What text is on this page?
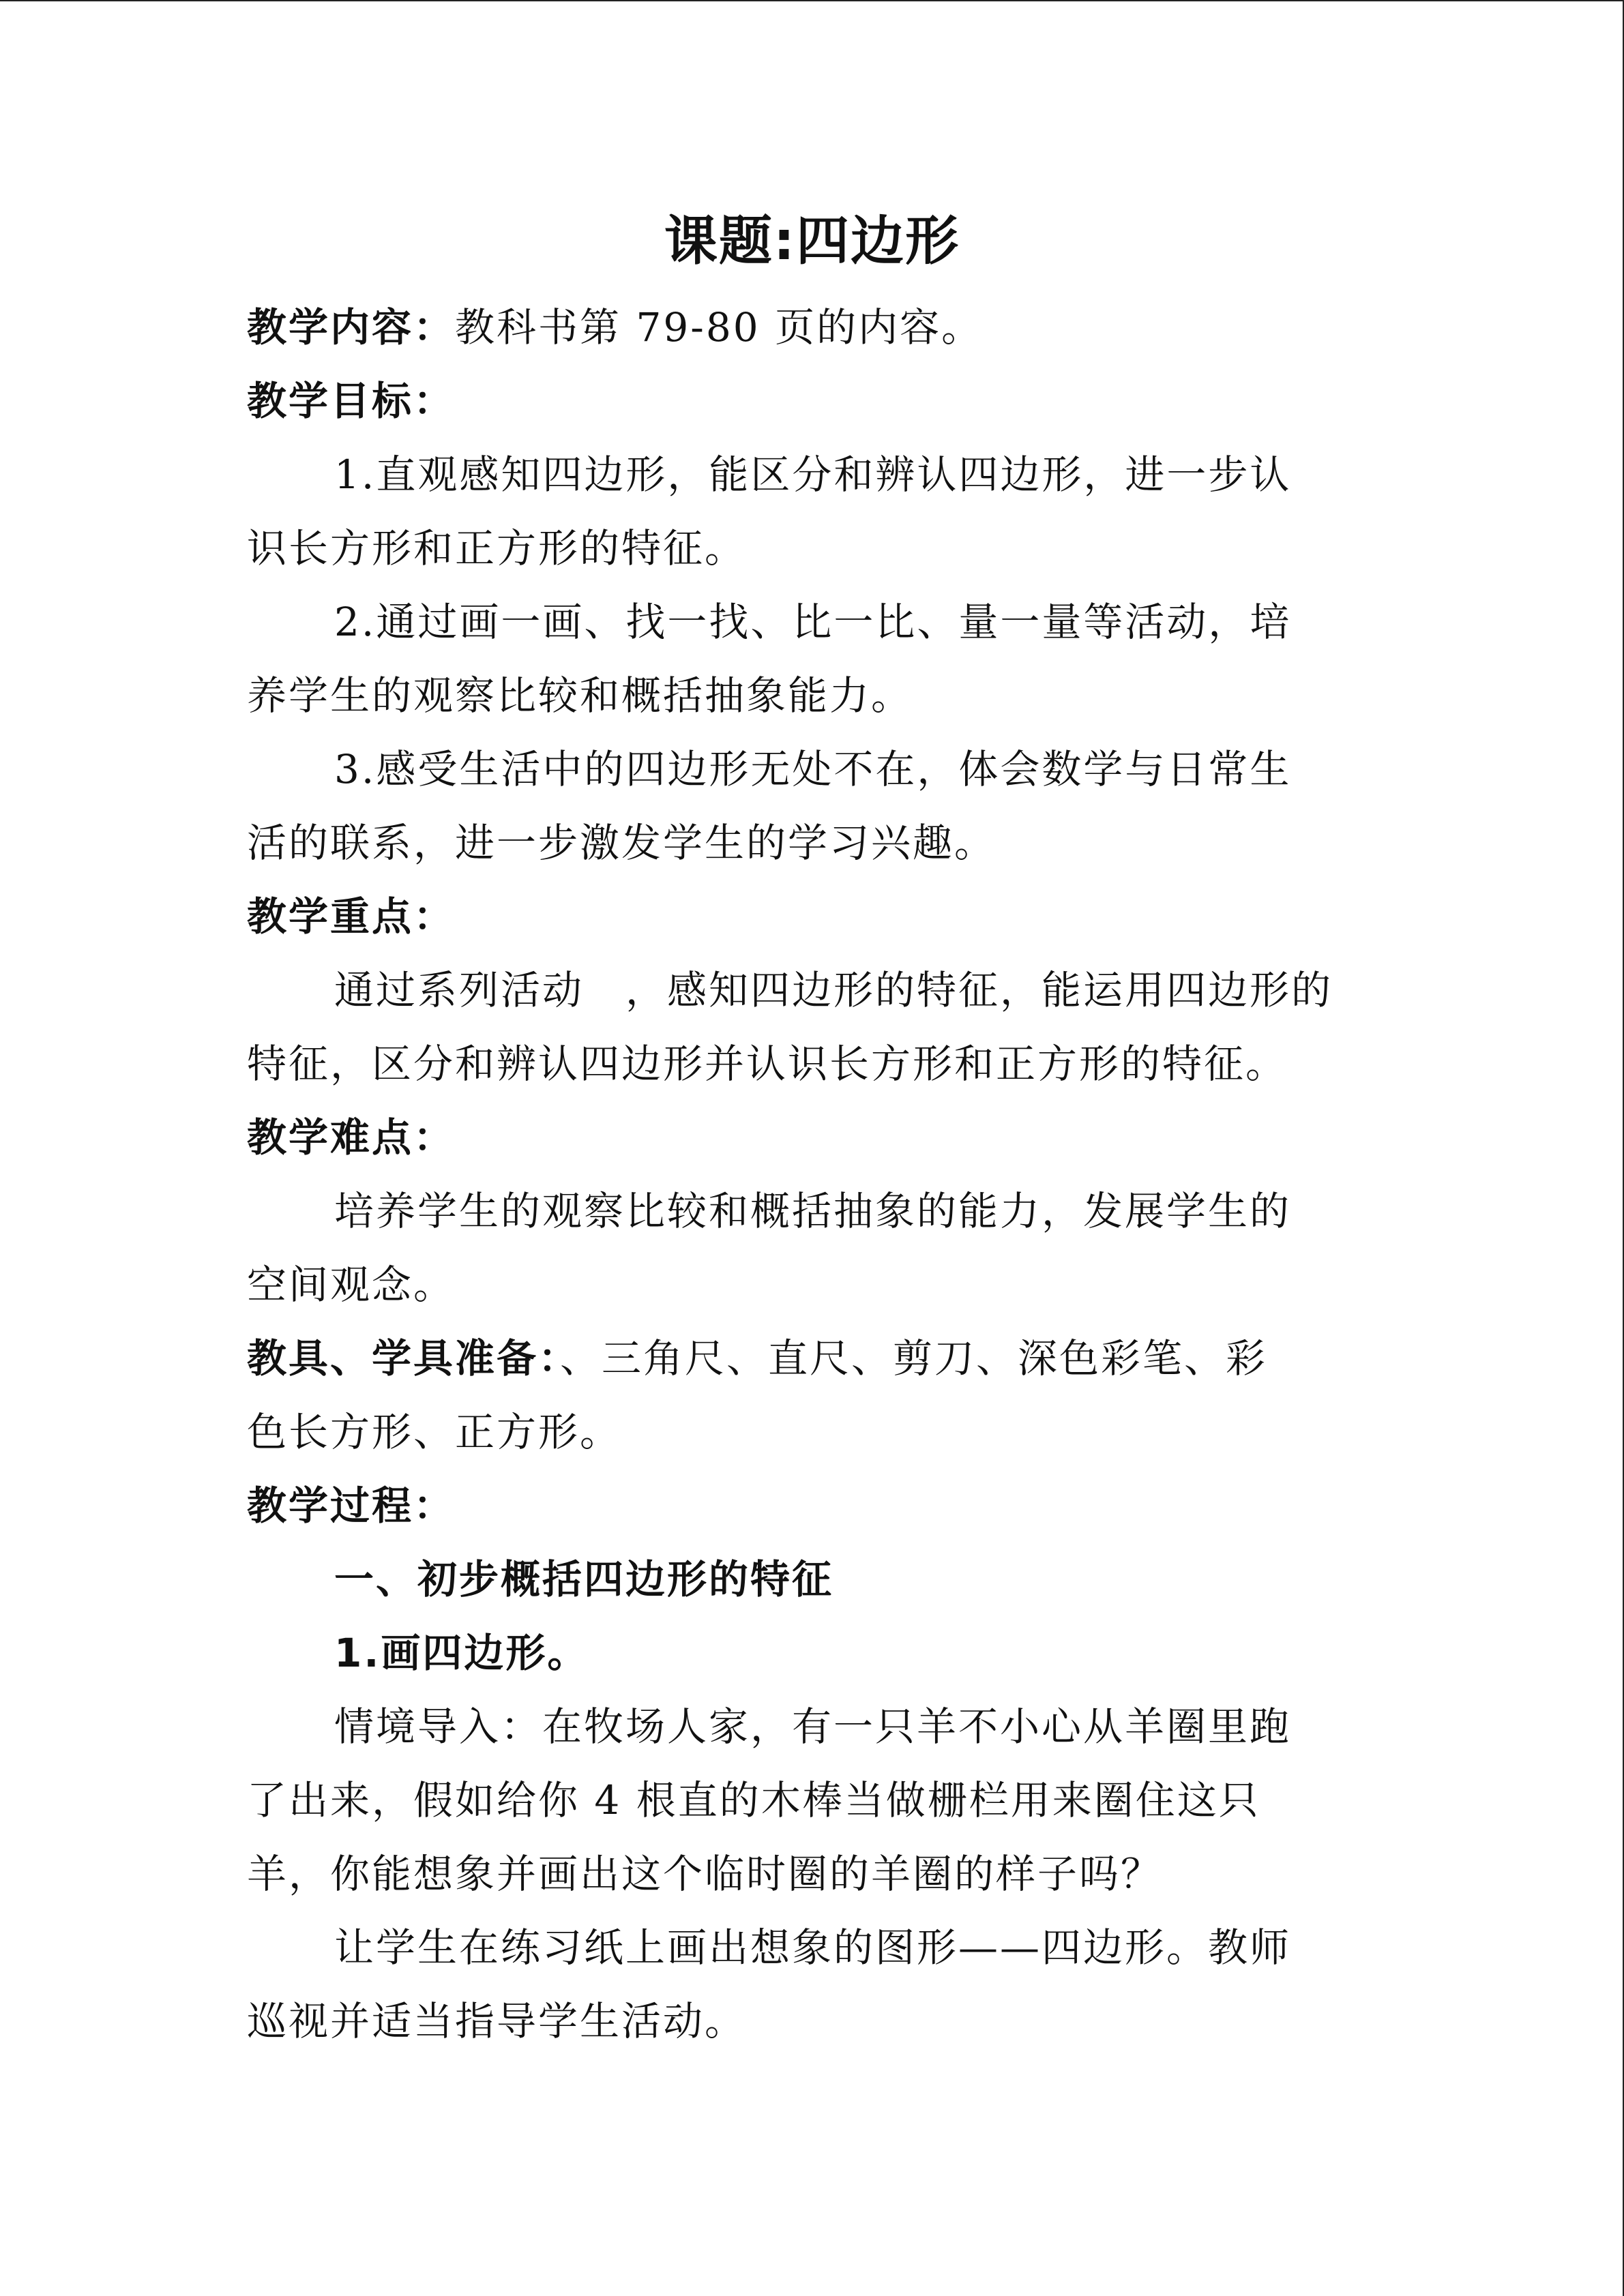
课题:四边形
教学内容：教科书第 79-80 页的内容。
教学目标：
1.直观感知四边形，能区分和辨认四边形，进一步认
识长方形和正方形的特征。
2.通过画一画、找一找、比一比、量一量等活动，培
养学生的观察比较和概括抽象能力。
3.感受生活中的四边形无处不在，体会数学与日常生
活的联系，进一步激发学生的学习兴趣。
教学重点：
通过系列活动　，感知四边形的特征，能运用四边形的
特征，区分和辨认四边形并认识长方形和正方形的特征。
教学难点：
培养学生的观察比较和概括抽象的能力，发展学生的
空间观念。
教具、学具准备：、三角尺、直尺、剪刀、深色彩笔、彩
色长方形、正方形。
教学过程：
一、初步概括四边形的特征
1.画四边形。
情境导入：在牧场人家，有一只羊不小心从羊圈里跑
了出来，假如给你 4 根直的木棒当做栅栏用来圈住这只
羊，你能想象并画出这个临时圈的羊圈的样子吗？
让学生在练习纸上画出想象的图形——四边形。教师
巡视并适当指导学生活动。
